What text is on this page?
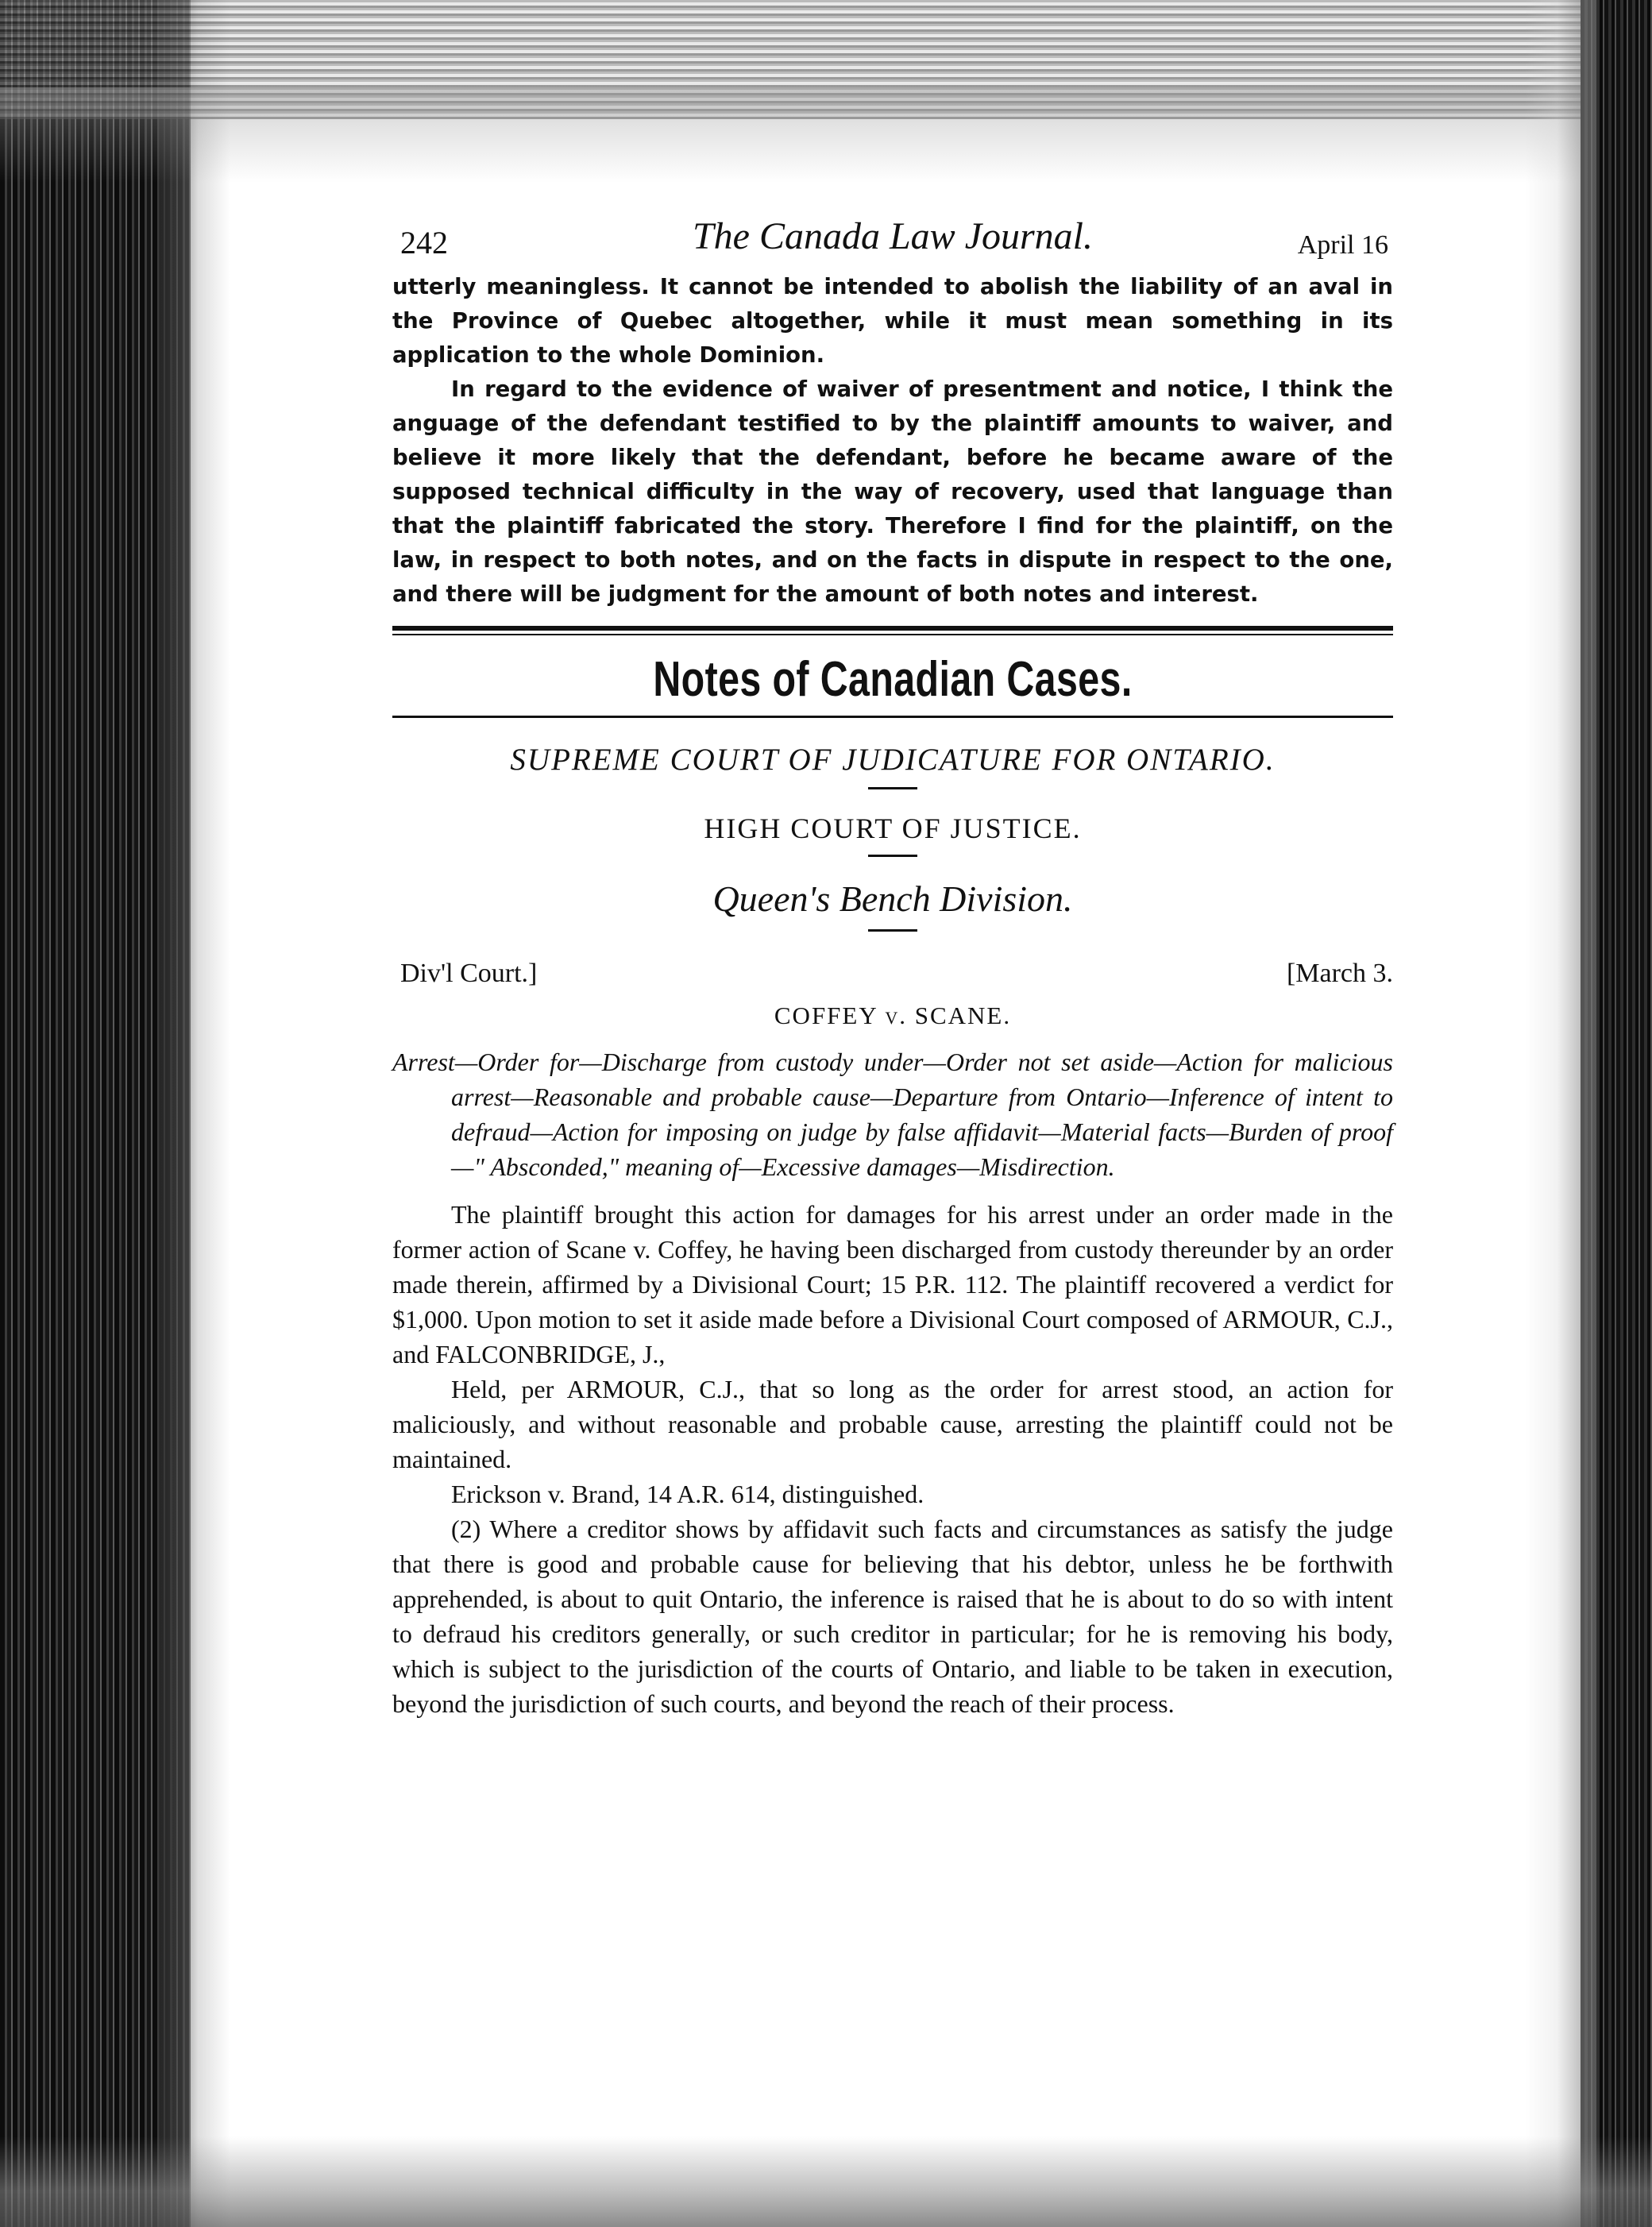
242	The Canada Law Journal.	April 16

utterly meaningless. It cannot be intended to abolish the liability of an aval in the Province of Quebec altogether, while it must mean something in its application to the whole Dominion.

In regard to the evidence of waiver of presentment and notice, I think the anguage of the defendant testified to by the plaintiff amounts to waiver, and believe it more likely that the defendant, before he became aware of the supposed technical difficulty in the way of recovery, used that language than that the plaintiff fabricated the story. Therefore I find for the plaintiff, on the law, in respect to both notes, and on the facts in dispute in respect to the one, and there will be judgment for the amount of both notes and interest.

Notes of Canadian Cases.
SUPREME COURT OF JUDICATURE FOR ONTARIO.
HIGH COURT OF JUSTICE.
Queen's Bench Division.
Div'l Court.]	[March 3.
COFFEY v. SCANE.

Arrest—Order for—Discharge from custody under—Order not set aside—Action for malicious arrest—Reasonable and probable cause—Departure from Ontario—Inference of intent to defraud—Action for imposing on judge by false affidavit—Material facts—Burden of proof—" Absconded," meaning of—Excessive damages—Misdirection.

The plaintiff brought this action for damages for his arrest under an order made in the former action of Scane v. Coffey, he having been discharged from custody thereunder by an order made therein, affirmed by a Divisional Court; 15 P.R. 112. The plaintiff recovered a verdict for $1,000. Upon motion to set it aside made before a Divisional Court composed of ARMOUR, C.J., and FALCONBRIDGE, J.,

Held, per ARMOUR, C.J., that so long as the order for arrest stood, an action for maliciously, and without reasonable and probable cause, arresting the plaintiff could not be maintained.

Erickson v. Brand, 14 A.R. 614, distinguished.

(2) Where a creditor shows by affidavit such facts and circumstances as satisfy the judge that there is good and probable cause for believing that his debtor, unless he be forthwith apprehended, is about to quit Ontario, the inference is raised that he is about to do so with intent to defraud his creditors generally, or such creditor in particular; for he is removing his body, which is subject to the jurisdiction of the courts of Ontario, and liable to be taken in execution, beyond the jurisdiction of such courts, and beyond the reach of their process.
